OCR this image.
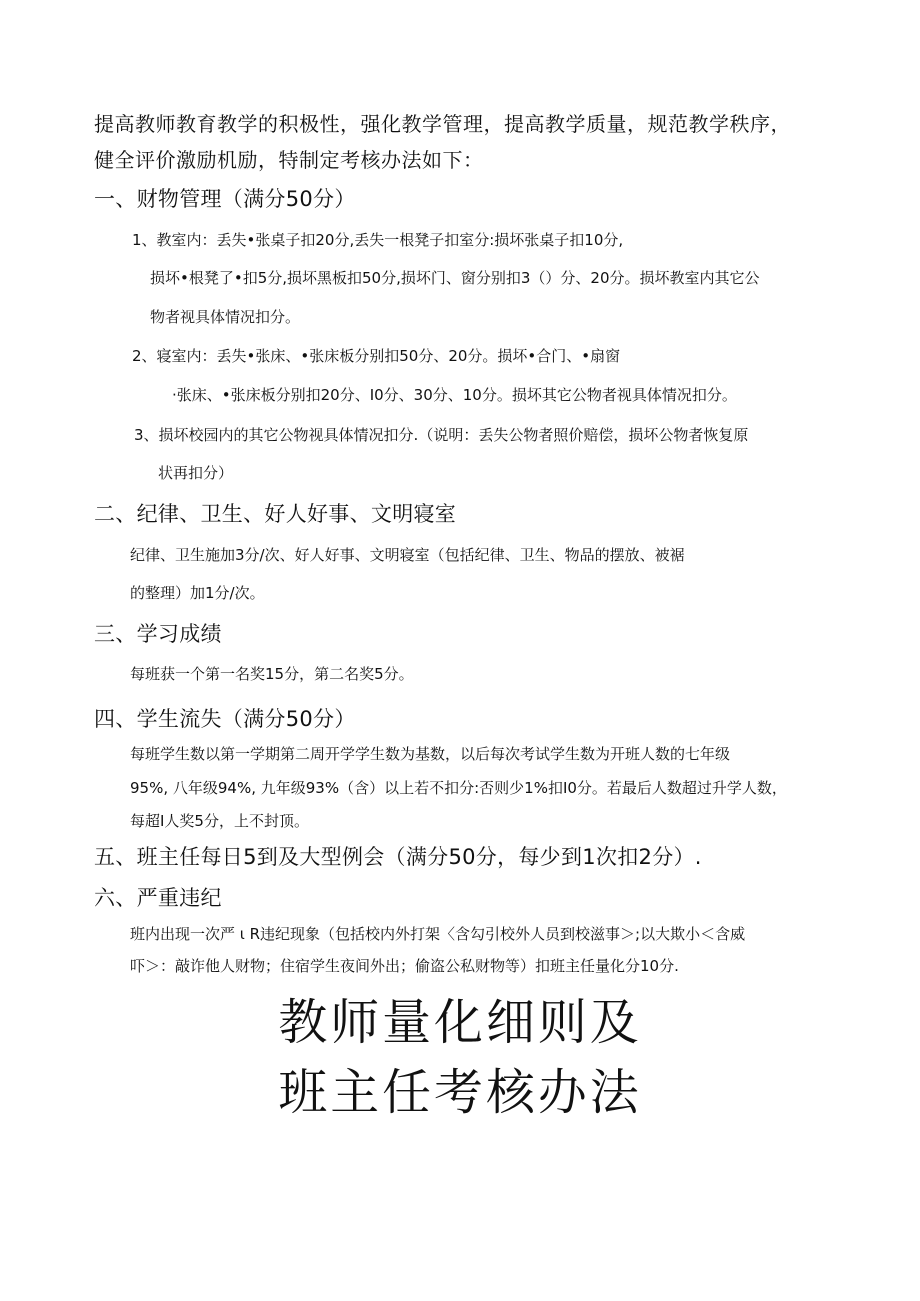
提高教师教育教学的积极性，强化教学管理，提高教学质量，规范教学秩序，
健全评价激励机励，特制定考核办法如下：
一、财物管理（满分50分）
1、教室内：丢失•张桌子扣20分,丢失一根凳子扣室分:损坏张桌子扣10分,
损坏•根凳了•扣5分,损坏黑板扣50分,损坏门、窗分别扣3（）分、20分。损坏教室内其它公
物者视具体情况扣分。
2、寝室内：丢失•张床、•张床板分别扣50分、20分。损坏•合门、•扇窗
·张床、•张床板分别扣20分、I0分、30分、10分。损坏其它公物者视具体情况扣分。
3、损坏校园内的其它公物视具体情况扣分.（说明：丢失公物者照价赔偿，损坏公物者恢复原
状再扣分）
二、纪律、卫生、好人好事、文明寝室
纪律、卫生施加3分/次、好人好事、文明寝室（包括纪律、卫生、物品的摆放、被裾
的整理）加1分/次。
三、学习成绩
每班获一个第一名奖15分，第二名奖5分。
四、学生流失（满分50分）
每班学生数以第一学期第二周开学学生数为基数，以后每次考试学生数为开班人数的七年级
95%, 八年级94%, 九年级93%（含）以上若不扣分:否则少1%扣I0分。若最后人数超过升学人数，
每超I人奖5分，上不封顶。
五、班主任每日5到及大型例会（满分50分，每少到1次扣2分）.
六、严重违纪
班内出现一次严 ι R违纪现象（包括校内外打架〈含勾引校外人员到校滋事＞;以大欺小＜含威
吓＞：敲诈他人财物；住宿学生夜间外出；偷盗公私财物等）扣班主任量化分10分.
教师量化细则及
班主任考核办法
